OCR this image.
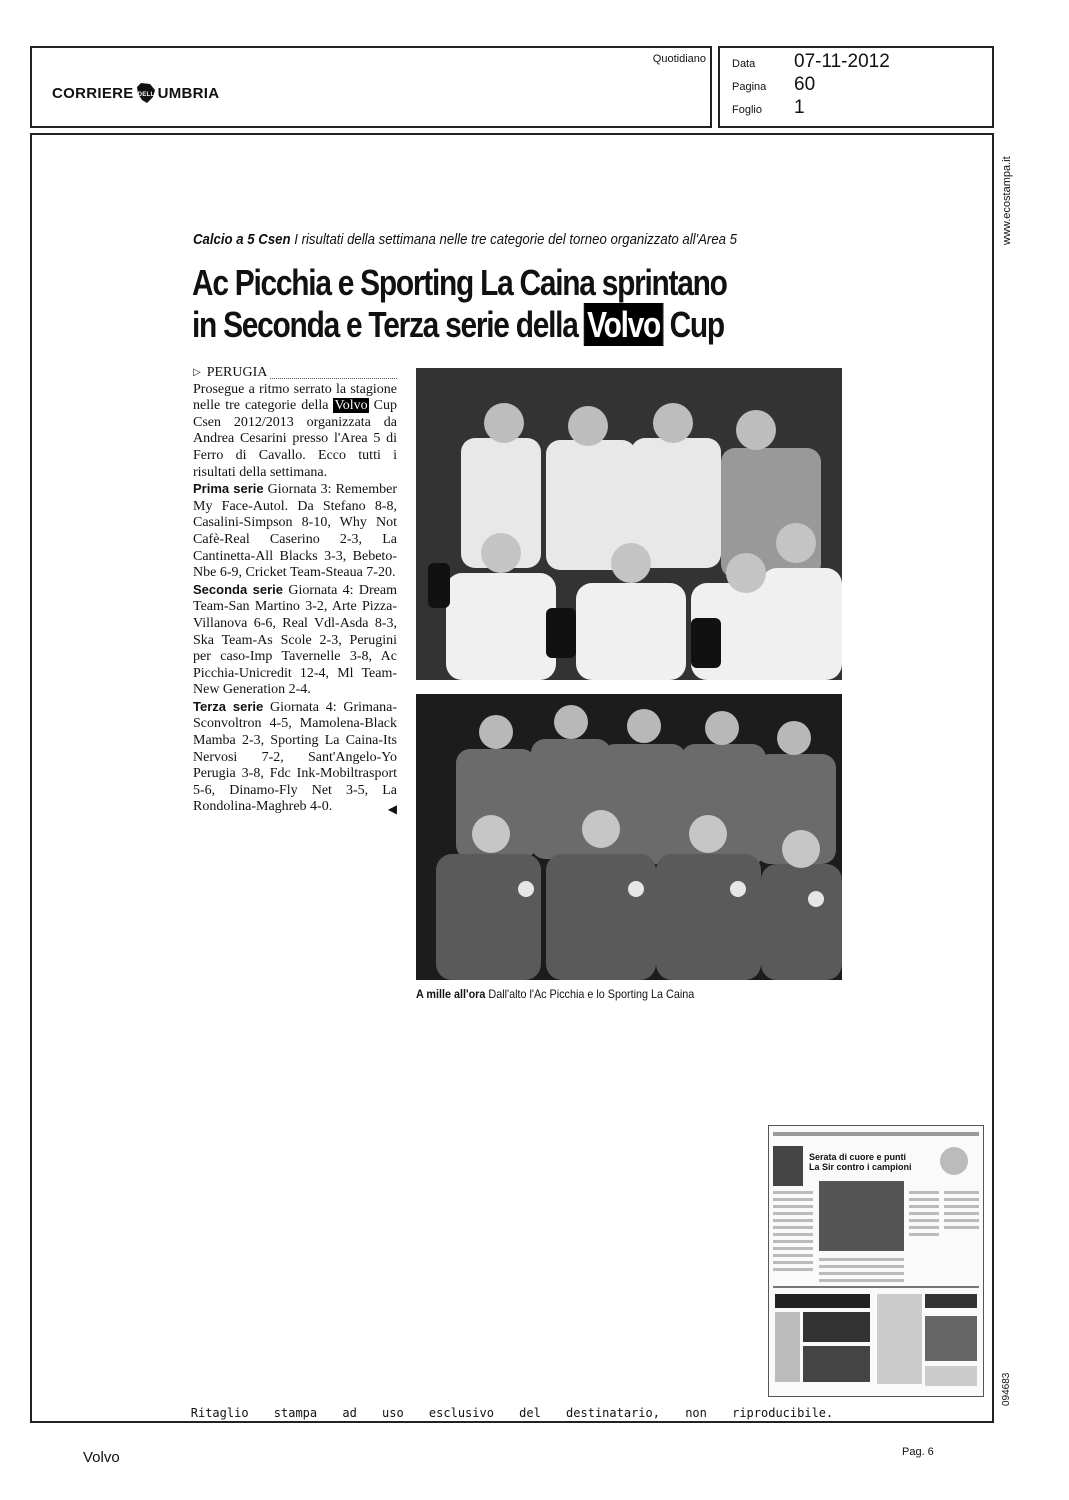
CORRIERE DELL UMBRIA
Quotidiano Data	07-11-2012
Pagina	60
Foglio	1
Ritaglio stampa ad uso esclusivo del destinatario, non riproducibile.
www.ecostampa.it
094683
Calcio a 5 Csen I risultati della settimana nelle tre categorie del torneo organizzato all'Area 5
Ac Picchia e Sporting La Caina sprintano
in Seconda e Terza serie della Volvo Cup
▷ PERUGIA

Prosegue a ritmo serrato la stagione nelle tre categorie della Volvo Cup Csen 2012/2013 organizzata da Andrea Cesarini presso l'Area 5 di Ferro di Cavallo. Ecco tutti i risultati della settimana.

Prima serie Giornata 3: Remember My Face-Autol. Da Stefano 8-8, Casalini-Simpson 8-10, Why Not Cafè-Real Caserino 2-3, La Cantinetta-All Blacks 3-3, Bebeto-Nbe 6-9, Cricket Team-Steaua 7-20.

Seconda serie Giornata 4: Dream Team-San Martino 3-2, Arte Pizza-Villanova 6-6, Real Vdl-Asda 8-3, Ska Team-As Scole 2-3, Perugini per caso-Imp Tavernelle 3-8, Ac Picchia-Unicredit 12-4, Ml Team-New Generation 2-4.

Terza serie Giornata 4: Grimana-Sconvoltron 4-5, Mamolena-Black Mamba 2-3, Sporting La Caina-Its Nervosi 7-2, Sant'Angelo-Yo Perugia 3-8, Fdc Ink-Mobiltrasport 5-6, Dinamo-Fly Net 3-5, La Rondolina-Maghreb 4-0.	◀

A mille all'ora Dall'alto l'Ac Picchia e lo Sporting La Caina
Serata di cuore e punti
La Sir contro i campioni
Volvo	Pag. 6
